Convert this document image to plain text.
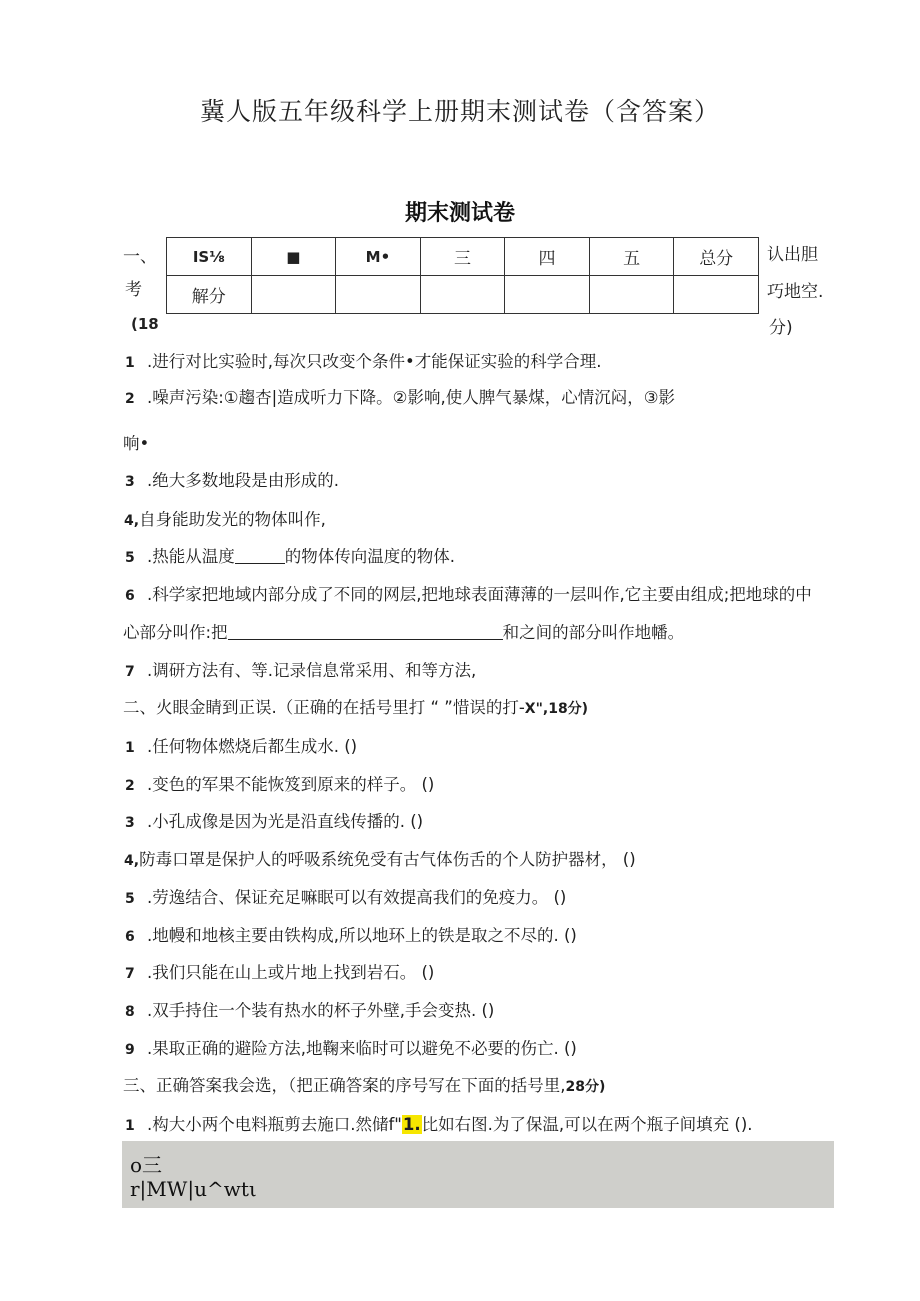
冀人版五年级科学上册期末测试卷（含答案）
期末测试卷
一、
考
(18
认出胆
巧地空.
分)
IS⅛	■	M•	三	四	五	总分
解分						
1 .进行对比实验时,每次只改变个条件•才能保证实验的科学合理.
2 .噪声污染:①趨杏|造成听力下降。②影响,使人脾气暴煤，心情沉闷，③影
响•
3 .绝大多数地段是由形成的.
4,自身能助发光的物体叫作,
5 .热能从温度	的物体传向温度的物体.
6 .科学家把地域内部分成了不同的网层,把地球表面薄薄的一层叫作,它主要由组成;把地球的中
心部分叫作:把	和之间的部分叫作地幡。
7 .调研方法有、等.记录信息常采用、和等方法,
二、火眼金睛到正误.（正确的在括号里打 “ ”惜误的打-X",18分)
1 .任何物体燃烧后都生成水. ()
2 .变色的军果不能恢笈到原来的样子。 ()
3 .小孔成像是因为光是沿直线传播的. ()
4,防毒口罩是保护人的呼吸系统免受有古气体伤舌的个人防护器材， ()
5 .劳逸结合、保证充足嘛眠可以有效提高我们的免疫力。 ()
6 .地幔和地核主要由铁构成,所以地环上的铁是取之不尽的. ()
7 .我们只能在山上或片地上找到岩石。 ()
8 .双手持住一个装有热水的杯子外壁,手会变热. ()
9 .果取正确的避险方法,地鞠来临时可以避免不必要的伤亡. ()
三、正确答案我会选，（把正确答案的序号写在下面的括号里,28分)
1 .构大小两个电料瓶剪去施口.然储f"1.比如右图.为了保温,可以在两个瓶子间填充 ().
o三
r|MW|u^wtι
